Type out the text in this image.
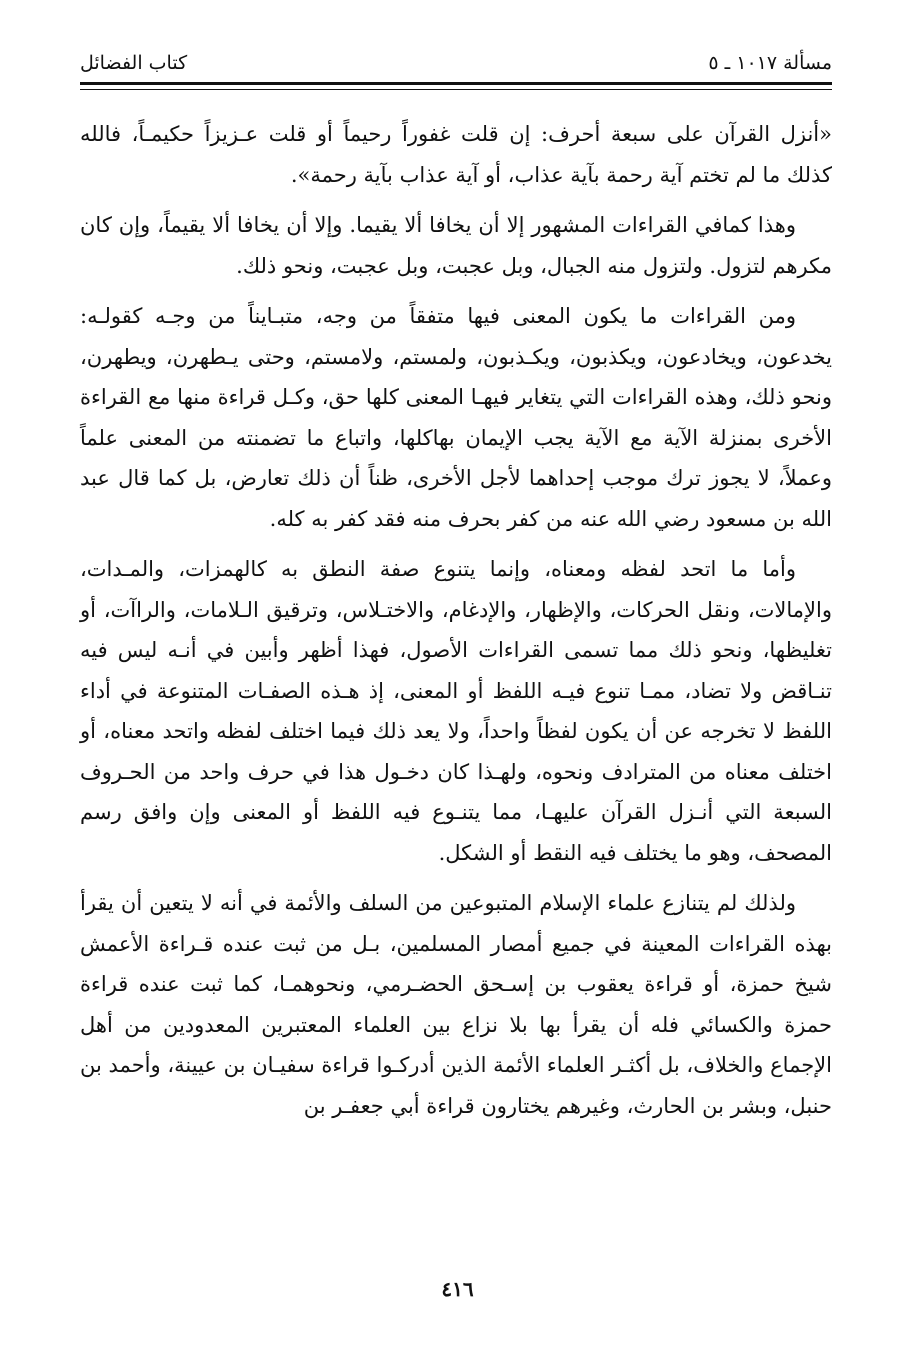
مسألة ١٠١٧ ـ ٥
كتاب الفضائل

«أنزل القرآن على سبعة أحرف: إن قلت غفوراً رحيماً أو قلت عـزيزاً حكيمـاً، فالله كذلك ما لم تختم آية رحمة بآية عذاب، أو آية عذاب بآية رحمة».

وهذا كمافي القراءات المشهور إلا أن يخافا ألا يقيما. وإلا أن يخافا ألا يقيماً، وإن كان مكرهم لتزول. ولتزول منه الجبال، وبل عجبت، وبل عجبت، ونحو ذلك.

ومن القراءات ما يكون المعنى فيها متفقاً من وجه، متبـايناً من وجـه كقولـه: يخدعون، ويخادعون، ويكذبون، ويكـذبون، ولمستم، ولامستم، وحتى يـطهرن، ويطهرن، ونحو ذلك، وهذه القراءات التي يتغاير فيهـا المعنى كلها حق، وكـل قراءة منها مع القراءة الأخرى بمنزلة الآية مع الآية يجب الإيمان بهاكلها، واتباع ما تضمنته من المعنى علماً وعملاً، لا يجوز ترك موجب إحداهما لأجل الأخرى، ظناً أن ذلك تعارض، بل كما قال عبد الله بن مسعود رضي الله عنه من كفر بحرف منه فقد كفر به كله.

وأما ما اتحد لفظه ومعناه، وإنما يتنوع صفة النطق به كالهمزات، والمـدات، والإمالات، ونقل الحركات، والإظهار، والإدغام، والاختـلاس، وترقيق الـلامات، والراآت، أو تغليظها، ونحو ذلك مما تسمى القراءات الأصول، فهذا أظهر وأبين في أنـه ليس فيه تنـاقض ولا تضاد، ممـا تنوع فيـه اللفظ أو المعنى، إذ هـذه الصفـات المتنوعة في أداء اللفظ لا تخرجه عن أن يكون لفظاً واحداً، ولا يعد ذلك فيما اختلف لفظه واتحد معناه، أو اختلف معناه من المترادف ونحوه، ولهـذا كان دخـول هذا في حرف واحد من الحـروف السبعة التي أنـزل القرآن عليهـا، مما يتنـوع فيه اللفظ أو المعنى وإن وافق رسم المصحف، وهو ما يختلف فيه النقط أو الشكل.

ولذلك لم يتنازع علماء الإسلام المتبوعين من السلف والأئمة في أنه لا يتعين أن يقرأ بهذه القراءات المعينة في جميع أمصار المسلمين، بـل من ثبت عنده قـراءة الأعمش شيخ حمزة، أو قراءة يعقوب بن إسـحق الحضـرمي، ونحوهمـا، كما ثبت عنده قراءة حمزة والكسائي فله أن يقرأ بها بلا نزاع بين العلماء المعتبرين المعدودين من أهل الإجماع والخلاف، بل أكثـر العلماء الأئمة الذين أدركـوا قراءة سفيـان بن عيينة، وأحمد بن حنبل، وبشر بن الحارث، وغيرهم يختارون قراءة أبي جعفـر بن

٤١٦
